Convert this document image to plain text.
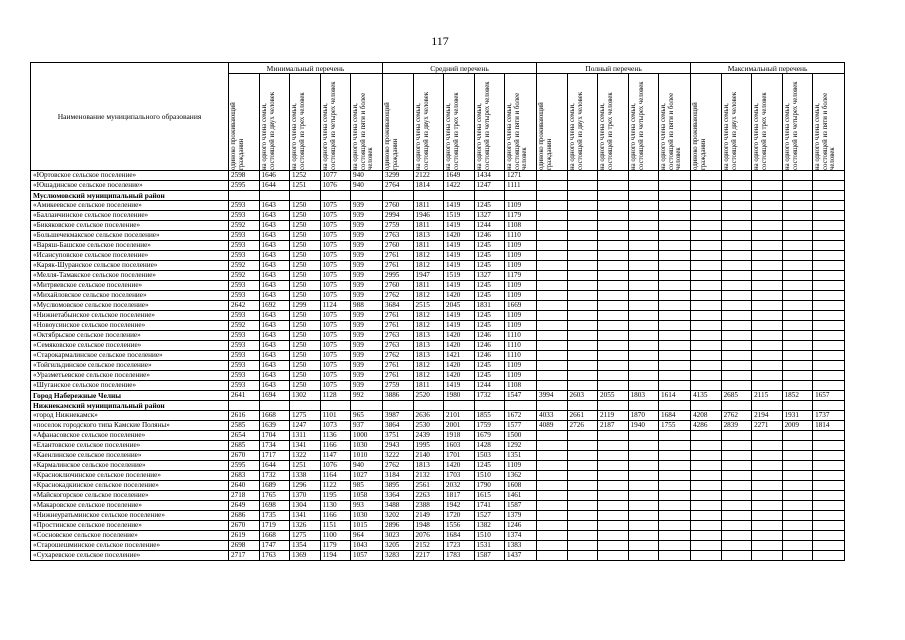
117
Наименование муниципального образования	Минимальный перечень					Средний перечень					Полный перечень					Максимальный перечень				

	одиноко проживающий гражданин	на одного члена семьи, состоящей из двух человек	на одного члена семьи, состоящей из трех человек	на одного члена семьи, состоящей из четырех человек	на одного члена семьи, состоящей из пяти и более человек	одиноко проживающий гражданин	на одного члена семьи, состоящей из двух человек	на одного члена семьи, состоящей из трех человек	на одного члена семьи, состоящей из четырех человек	на одного члена семьи, состоящей из пяти и более человек	одиноко проживающий гражданин	на одного члена семьи, состоящей из двух человек	на одного члена семьи, состоящей из трех человек	на одного члена семьи, состоящей из четырех человек	на одного члена семьи, состоящей из пяти и более человек	одиноко проживающий гражданин	на одного члена семьи, состоящей из двух человек	на одного члена семьи, состоящей из трех человек	на одного члена семьи, состоящей из четырех человек	на одного члена семьи, состоящей из пяти и более человек

«Юртовское сельское поселение»	2598	1646	1252	1077	940	3299	2122	1649	1434	1271										
«Юшадинское сельское поселение»	2595	1644	1251	1076	940	2764	1814	1422	1247	1111										
Муслюмовский муниципальный район																				
«Амикеевское сельское поселение»	2593	1643	1250	1075	939	2760	1811	1419	1245	1109										
«Баллаичинское сельское поселение»	2593	1643	1250	1075	939	2994	1946	1519	1327	1179										
«Бикяковское сельское поселение»	2592	1643	1250	1075	939	2759	1811	1419	1244	1108										
«Большечекмакское сельское поселение»	2593	1643	1250	1075	939	2763	1813	1420	1246	1110										
«Варяш-Башское сельское поселение»	2593	1643	1250	1075	939	2760	1811	1419	1245	1109										
«Исансуповское сельское поселение»	2593	1643	1250	1075	939	2761	1812	1419	1245	1109										
«Каряк-Шуранское сельское поселение»	2592	1643	1250	1075	939	2761	1812	1419	1245	1109										
«Мелля-Тамакское сельское поселение»	2592	1643	1250	1075	939	2995	1947	1519	1327	1179										
«Митряевское сельское поселение»	2593	1643	1250	1075	939	2760	1811	1419	1245	1109										
«Михайловское сельское поселение»	2593	1643	1250	1075	939	2762	1812	1420	1245	1109										
«Муслюмовское сельское поселение»	2642	1692	1299	1124	988	3684	2515	2045	1831	1669										
«Нижнетабынское сельское поселение»	2593	1643	1250	1075	939	2761	1812	1419	1245	1109										
«Новоусинское сельское поселение»	2592	1643	1250	1075	939	2761	1812	1419	1245	1109										
«Октябрьское сельское поселение»	2593	1643	1250	1075	939	2763	1813	1420	1246	1110										
«Семяковское сельское поселение»	2593	1643	1250	1075	939	2763	1813	1420	1246	1110										
«Старокармалинское сельское поселение»	2593	1643	1250	1075	939	2762	1813	1421	1246	1110										
«Тойгильдинское сельское поселение»	2593	1643	1250	1075	939	2761	1812	1420	1245	1109										
«Уразметьевское сельское поселение»	2593	1643	1250	1075	939	2761	1812	1420	1245	1109										
«Шуганское сельское поселение»	2593	1643	1250	1075	939	2759	1811	1419	1244	1108										
Город Набережные Челны	2641	1694	1302	1128	992	3886	2520	1980	1732	1547	3994	2603	2055	1803	1614	4135	2685	2115	1852	1657
Нижнекамский муниципальный район																				
«город Нижнекамск»	2616	1668	1275	1101	965	3987	2636	2101	1855	1672	4033	2661	2119	1870	1684	4208	2762	2194	1931	1737
«поселок городского типа Камские Поляны»	2585	1639	1247	1073	937	3864	2530	2001	1759	1577	4089	2726	2187	1940	1755	4286	2839	2271	2009	1814
«Афанасовское сельское поселение»	2654	1704	1311	1136	1000	3751	2439	1918	1679	1500										
«Елантовское сельское поселение»	2685	1734	1341	1166	1030	2943	1995	1603	1428	1292										
«Каенлинское сельское поселение»	2670	1717	1322	1147	1010	3222	2140	1701	1503	1351										
«Кармалинское сельское поселение»	2595	1644	1251	1076	940	2762	1813	1420	1245	1109										
«Красноключинское сельское поселение»	2683	1732	1338	1164	1027	3184	2132	1703	1510	1362										
«Краснокадкинское сельское поселение»	2640	1689	1296	1122	985	3895	2561	2032	1790	1608										
«Майскогорское сельское поселение»	2718	1765	1370	1195	1058	3364	2263	1817	1615	1461										
«Макаровское сельское поселение»	2649	1698	1304	1130	993	3488	2388	1942	1741	1587										
«Нижнеуратьминское сельское поселение»	2686	1735	1341	1166	1030	3202	2149	1720	1527	1379										
«Простинское сельское поселение»	2670	1719	1326	1151	1015	2896	1948	1556	1382	1246										
«Сосновское сельское поселение»	2619	1668	1275	1100	964	3023	2076	1684	1510	1374										
«Старошешминское сельское поселение»	2698	1747	1354	1179	1043	3205	2152	1723	1531	1383										
«Сухаревское сельское поселение»	2717	1763	1369	1194	1057	3283	2217	1783	1587	1437										
